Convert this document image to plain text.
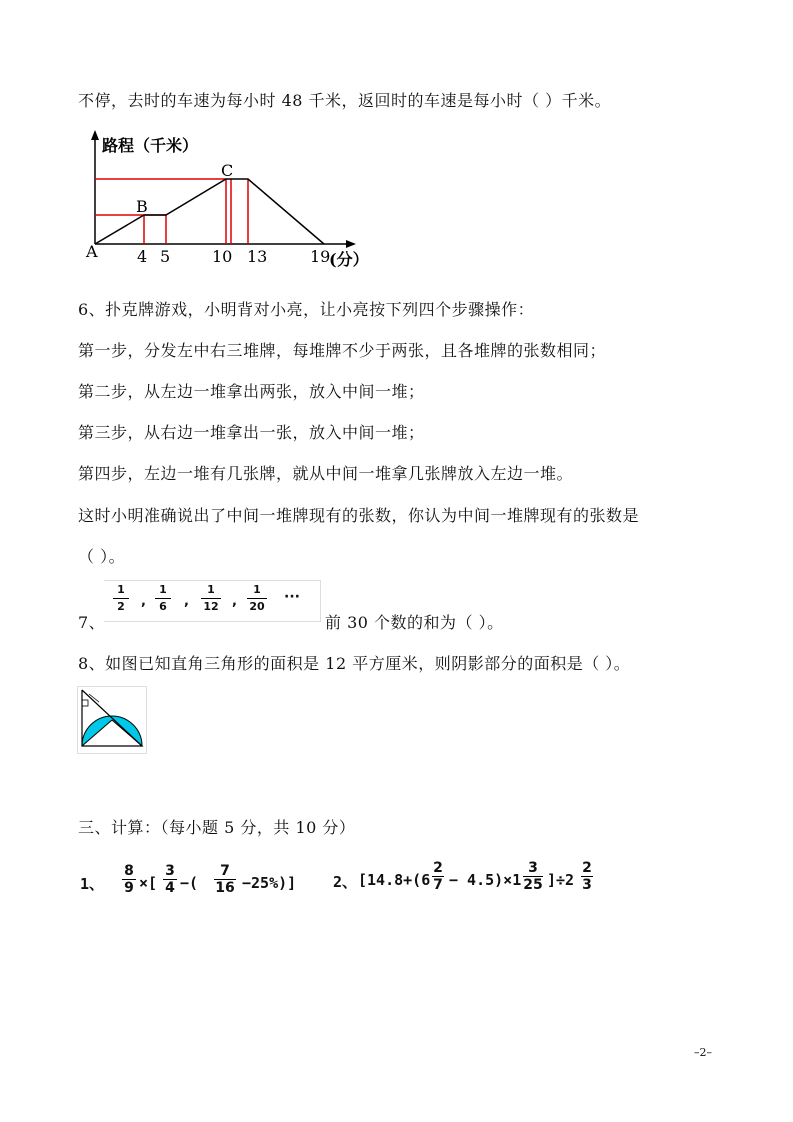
不停，去时的车速为每小时 48 千米，返回时的车速是每小时（ ）千米。
路程（千米）
C
B
A 4 5	10 13	19
(分）
6、扑克牌游戏，小明背对小亮，让小亮按下列四个步骤操作：
第一步，分发左中右三堆牌，每堆牌不少于两张，且各堆牌的张数相同；
第二步，从左边一堆拿出两张，放入中间一堆；
第三步，从右边一堆拿出一张，放入中间一堆；
第四步，左边一堆有几张牌，就从中间一堆拿几张牌放入左边一堆。
这时小明准确说出了中间一堆牌现有的张数，你认为中间一堆牌现有的张数是
（ ）。
7、
1
2	,
1
6	,
1
12 ,
1
20
···
前 30 个数的和为（ ）。
8、如图已知直角三角形的面积是 12 平方厘米，则阴影部分的面积是（ ）。
三、计算：（每小题 5 分，共 10 分）
1、
8
9 ×[
3
4 −(
7
16 −25%)] 2、 [14.8+(6
2
7 − 4.5)×1
3
25 ]÷2
2
3
–2–
